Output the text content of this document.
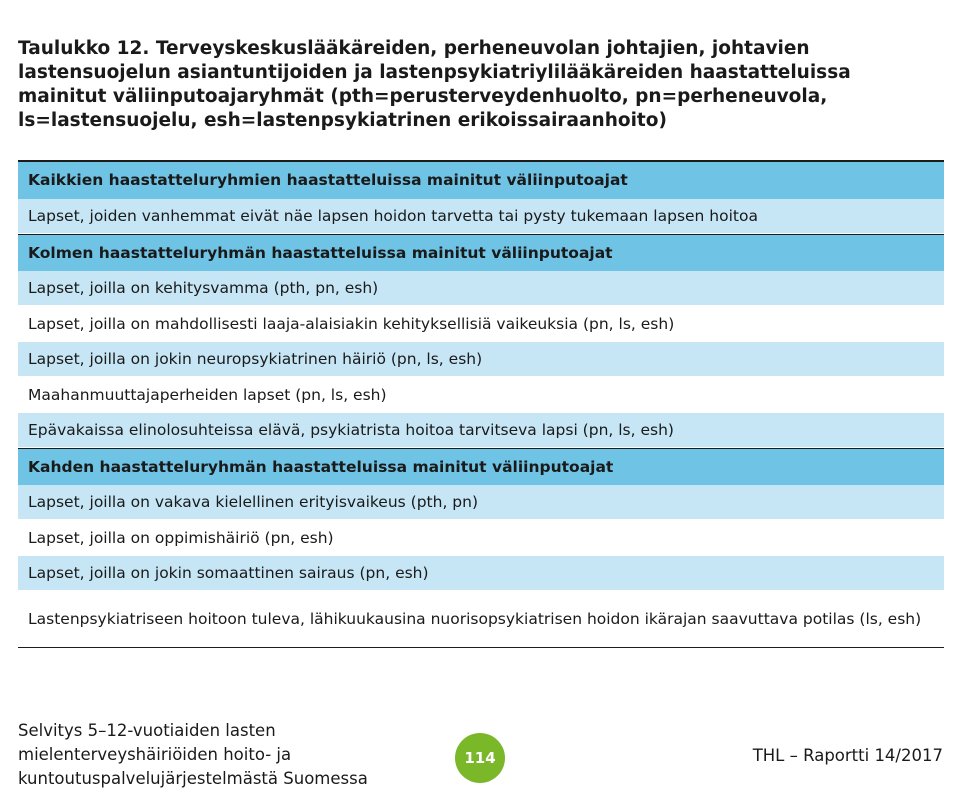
Taulukko 12. Terveyskeskuslääkäreiden, perheneuvolan johtajien, johtavien lastensuojelun asiantuntijoiden ja lastenpsykiatriylilääkäreiden haastatteluissa mainitut väliinputoajaryhmät (pth=perusterveydenhuolto, pn=perheneuvola, ls=lastensuojelu, esh=lastenpsykiatrinen erikoissairaanhoito)

Kaikkien haastatteluryhmien haastatteluissa mainitut väliinputoajat
Lapset, joiden vanhemmat eivät näe lapsen hoidon tarvetta tai pysty tukemaan lapsen hoitoa
Kolmen haastatteluryhmän haastatteluissa mainitut väliinputoajat
Lapset, joilla on kehitysvamma (pth, pn, esh)
Lapset, joilla on mahdollisesti laaja-alaisiakin kehityksellisiä vaikeuksia (pn, ls, esh)
Lapset, joilla on jokin neuropsykiatrinen häiriö (pn, ls, esh)
Maahanmuuttajaperheiden lapset (pn, ls, esh)
Epävakaissa elinolosuhteissa elävä, psykiatrista hoitoa tarvitseva lapsi (pn, ls, esh)
Kahden haastatteluryhmän haastatteluissa mainitut väliinputoajat
Lapset, joilla on vakava kielellinen erityisvaikeus (pth, pn)
Lapset, joilla on oppimishäiriö (pn, esh)
Lapset, joilla on jokin somaattinen sairaus (pn, esh)
Lastenpsykiatriseen hoitoon tuleva, lähikuukausina nuorisopsykiatrisen hoidon ikärajan saavuttava potilas (ls, esh)

Selvitys 5–12-vuotiaiden lasten
mielenterveyshäiriöiden hoito- ja
kuntoutuspalvelujärjestelmästä Suomessa

114	THL – Raportti 14/2017
